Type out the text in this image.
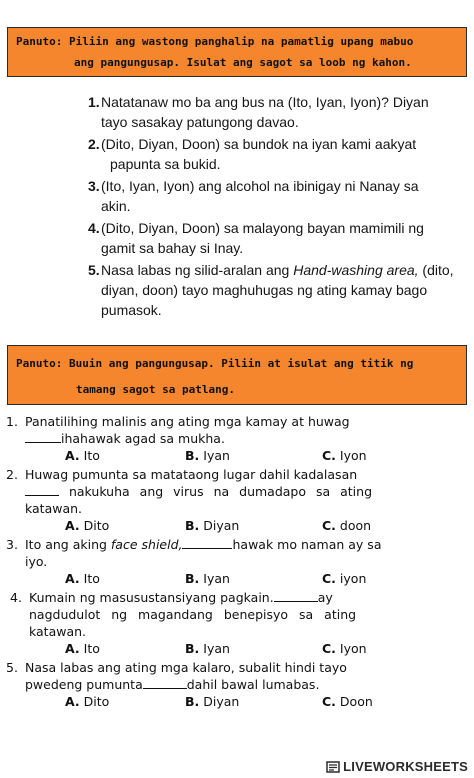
Panuto: Piliin ang wastong panghalip na pamatlig upang mabuo
ang pangungusap. Isulat ang sagot sa loob ng kahon.
1. Natatanaw mo ba ang bus na (Ito, Iyan, Iyon)? Diyan
tayo sasakay patungong davao.
2. (Dito, Diyan, Doon) sa bundok na iyan kami aakyat
papunta sa bukid.
3. (Ito, Iyan, Iyon) ang alcohol na ibinigay ni Nanay sa
akin.
4. (Dito, Diyan, Doon) sa malayong bayan mamimili ng
gamit sa bahay si Inay.
5. Nasa labas ng silid-aralan ang Hand-washing area, (dito,
diyan, doon) tayo maghuhugas ng ating kamay bago
pumasok.
Panuto: Buuin ang pangungusap. Piliin at isulat ang titik ng
tamang sagot sa patlang.
1. Panatilihing malinis ang ating mga kamay at huwag
ihahawak agad sa mukha.
A. Ito	B. Iyan	C. Iyon
2. Huwag pumunta sa matataong lugar dahil kadalasan
nakukuha ang virus na dumadapo sa ating
katawan.
A. Dito	B. Diyan	C. doon
3. Ito ang aking face shield,	hawak mo naman ay sa
iyo.
A. Ito	B. Iyan	C. iyon
4. Kumain ng masusustansiyang pagkain.	ay
nagdudulot ng magandang benepisyo sa ating
katawan.
A. Ito	B. Iyan	C. Iyon
5. Nasa labas ang ating mga kalaro, subalit hindi tayo
pwedeng pumunta	dahil bawal lumabas.
A. Dito	B. Diyan	C. Doon
LIVEWORKSHEETS
